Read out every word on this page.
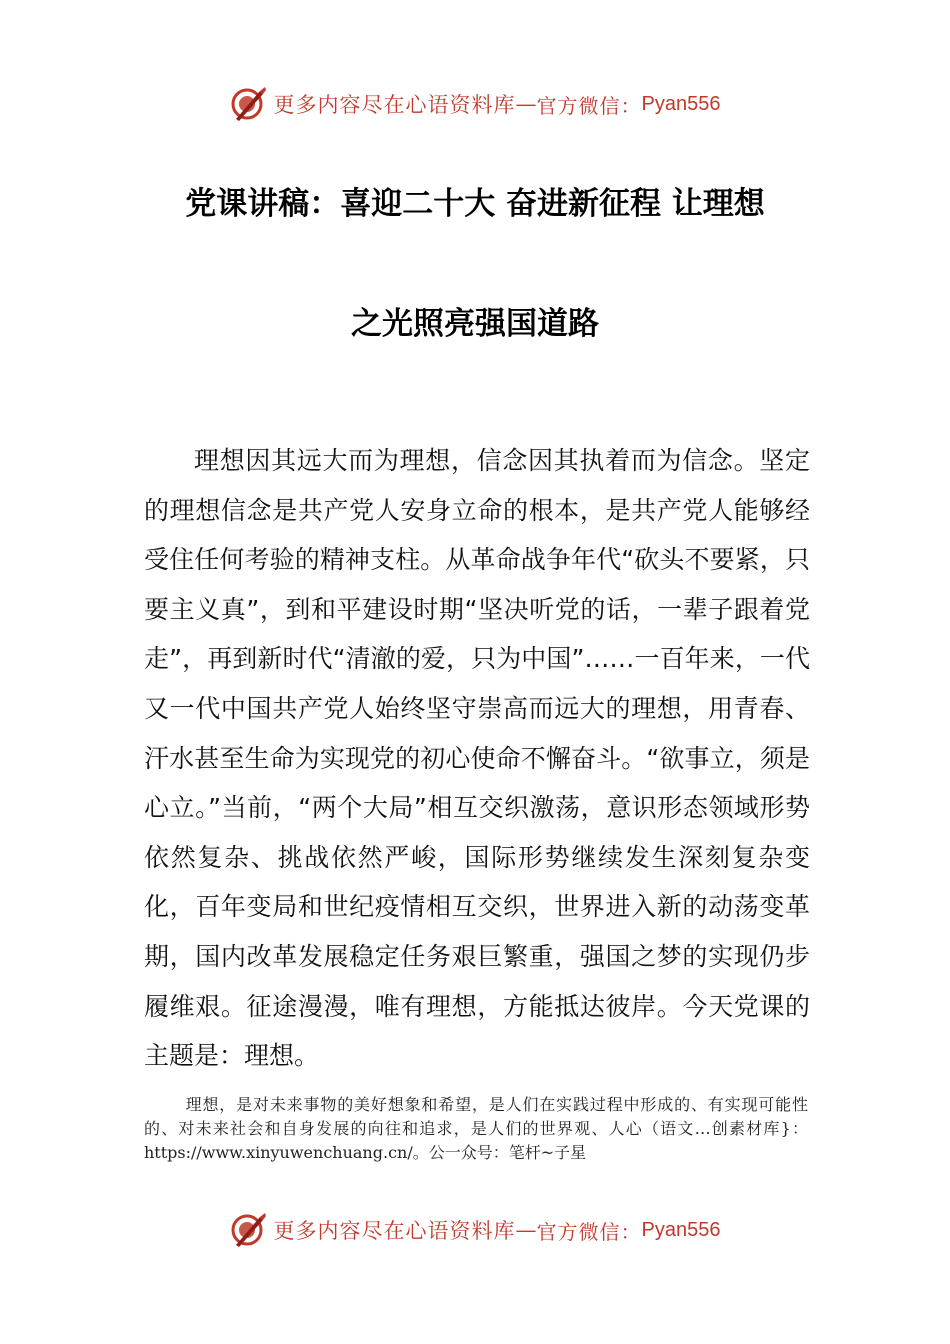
更多内容尽在心语资料库 — 官方微信： Pyan556
党课讲稿：喜迎二十大 奋进新征程 让理想
之光照亮强国道路

理想因其远大而为理想，信念因其执着而为信念。坚定的理想信念是共产党人安身立命的根本，是共产党人能够经受住任何考验的精神支柱。从革命战争年代“砍头不要紧，只要主义真”，到和平建设时期“坚决听党的话，一辈子跟着党走”，再到新时代“清澈的爱，只为中国”……一百年来，一代又一代中国共产党人始终坚守崇高而远大的理想，用青春、汗水甚至生命为实现党的初心使命不懈奋斗。“欲事立，须是心立。”当前，“两个大局”相互交织激荡，意识形态领域形势依然复杂、挑战依然严峻，国际形势继续发生深刻复杂变化，百年变局和世纪疫情相互交织，世界进入新的动荡变革期，国内改革发展稳定任务艰巨繁重，强国之梦的实现仍步履维艰。征途漫漫，唯有理想，方能抵达彼岸。今天党课的主题是：理想。

理想，是对未来事物的美好想象和希望，是人们在实践过程中形成的、有实现可能性的、对未来社会和自身发展的向往和追求，是人们的世界观、人心（语文…创素材库}：https://www.xinyuwenchuang.cn/。公一众号：笔杆~子星

更多内容尽在心语资料库 — 官方微信： Pyan556
